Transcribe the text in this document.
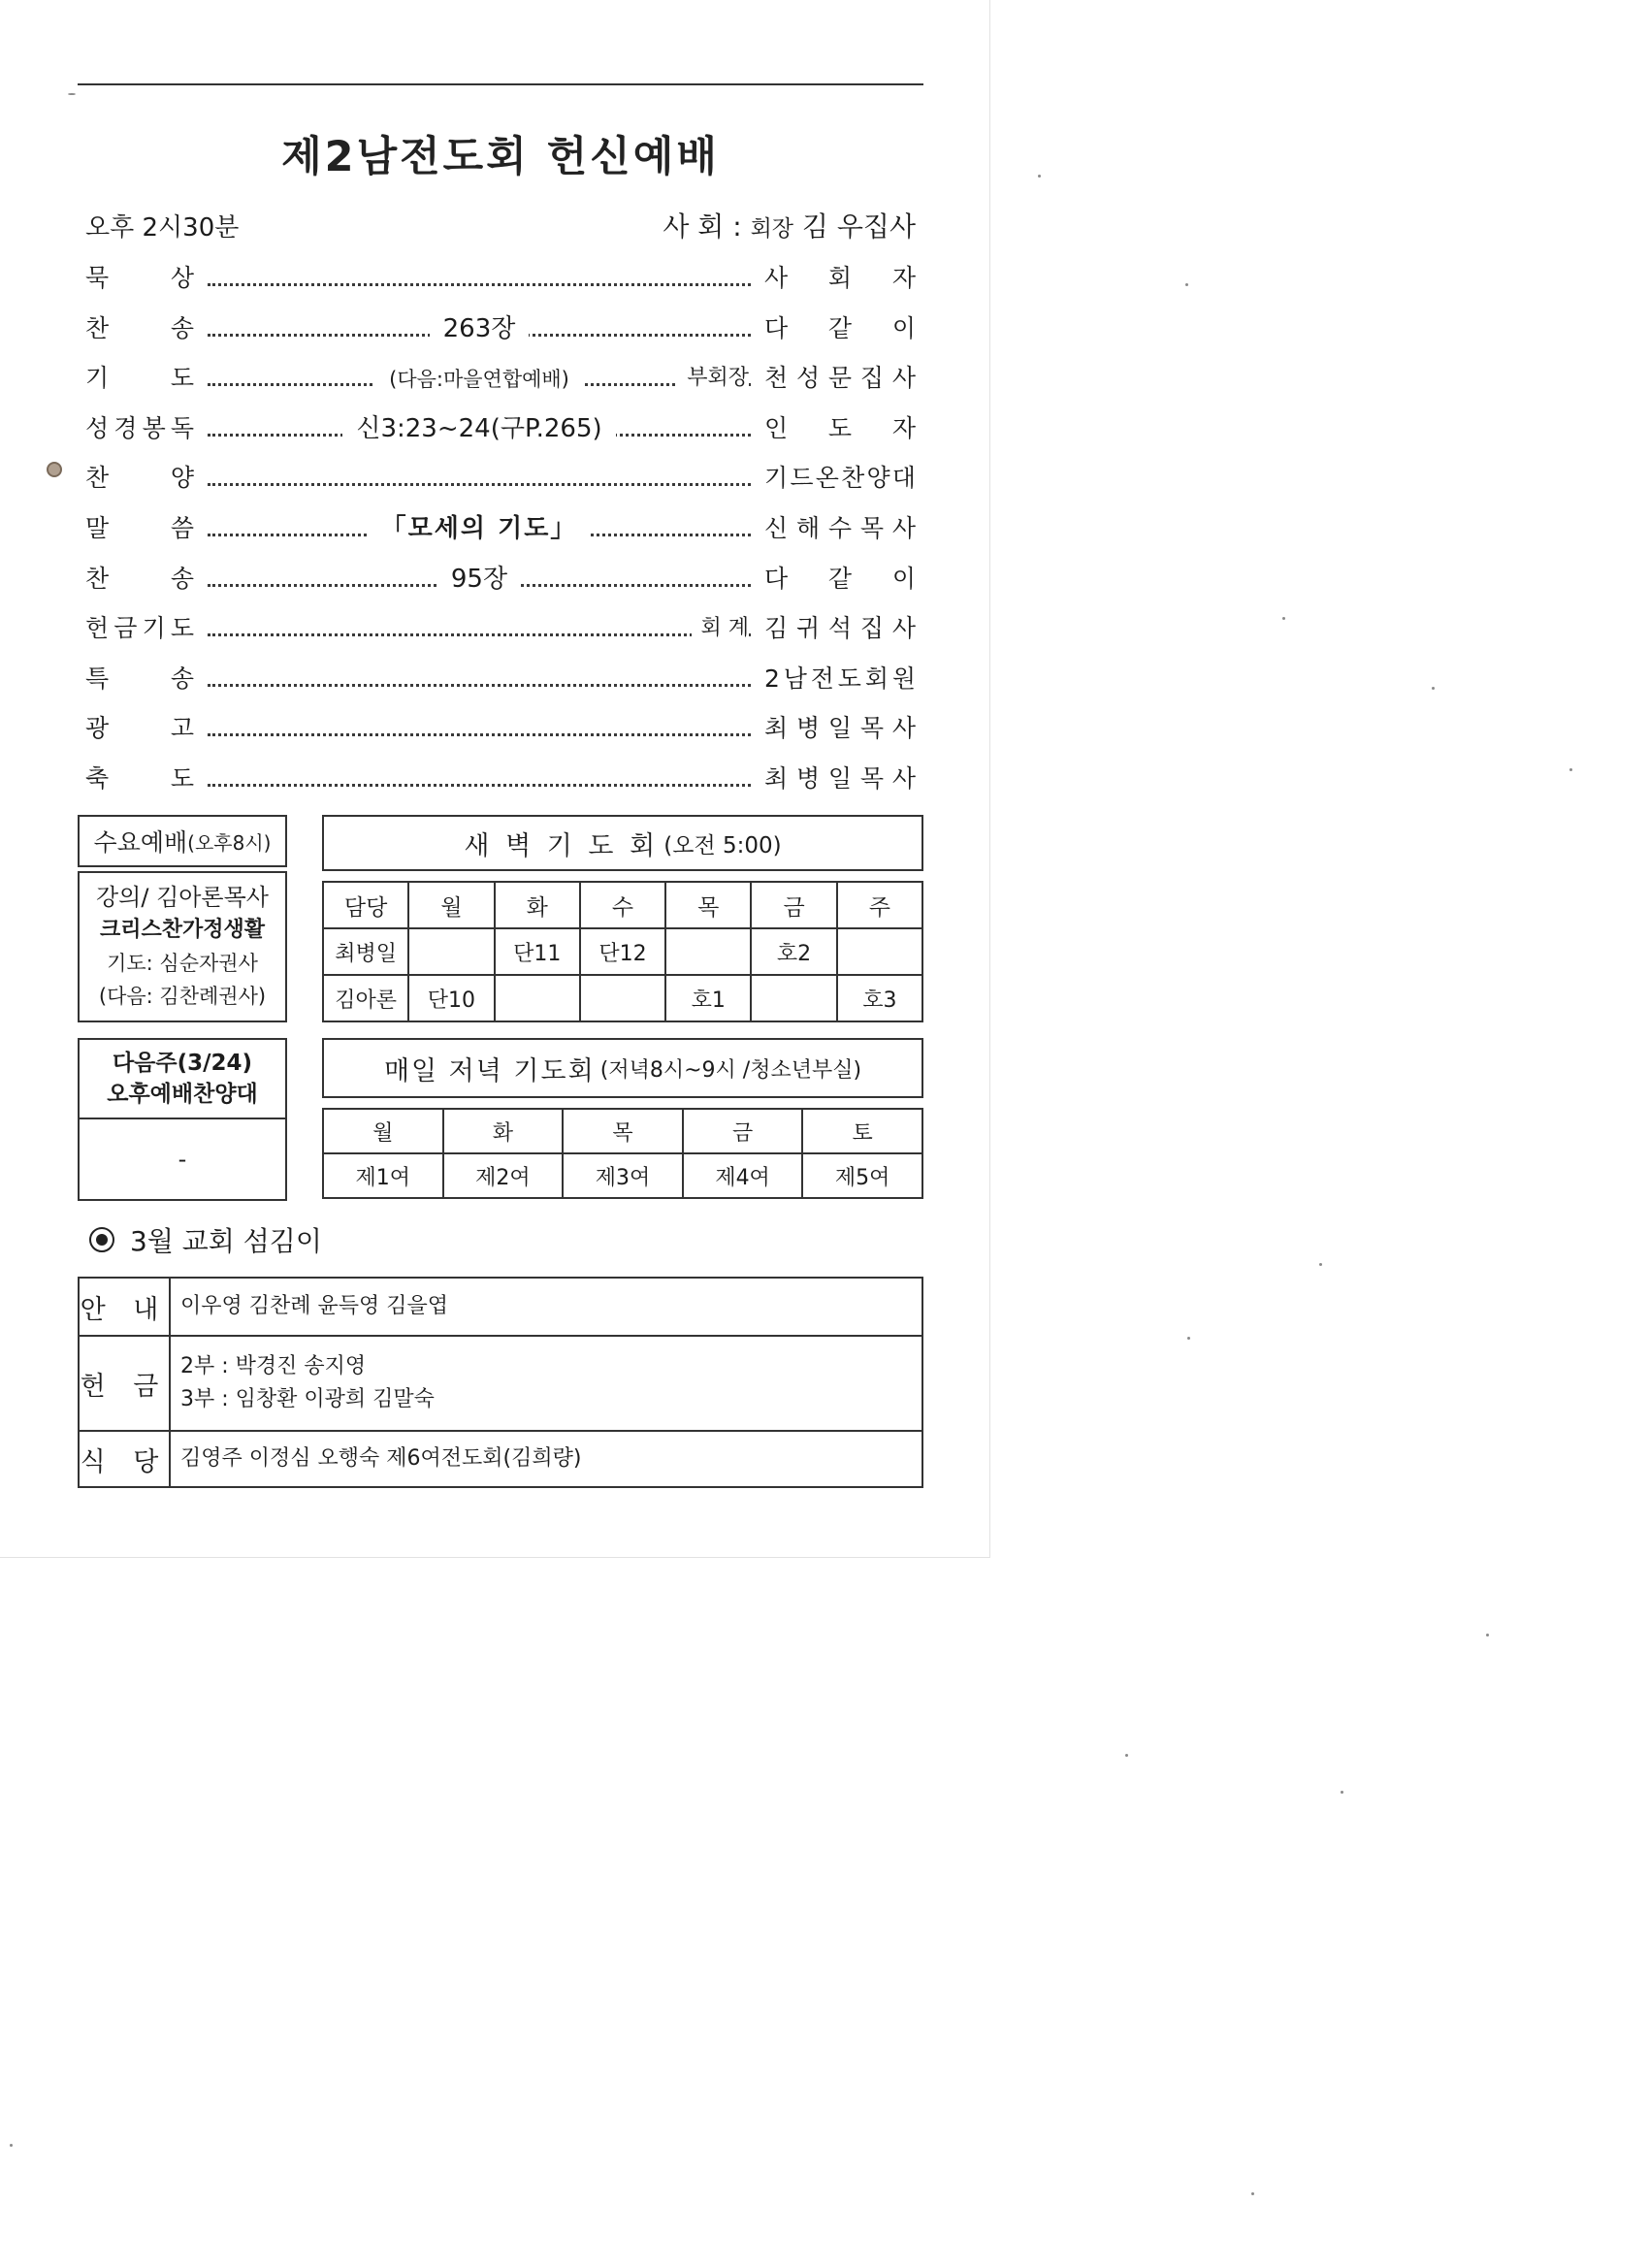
제2남전도회 헌신예배
오후 2시30분	사 회 : 회장 김 우집사
묵	상	사 회 자
찬	송	263장	다 같 이
기	도	(다음:마을연합예배)	부회장 천 성 문 집 사
성 경 봉 독	신3:23~24(구P.265)	인 도 자
찬	양	기 드 온 찬 양 대
말	씀	「모세의 기도」	신 해 수 목 사
찬	송	95장	다 같 이
헌 금 기 도	회 계 김 귀 석 집 사
특	송	2 남 전 도 회 원
광	고	최 병 일 목 사
축	도	최 병 일 목 사
수요예배 (오후8시)
강의/ 김아론목사
크리스찬가정생활
기도: 심순자권사
(다음: 김찬례권사)
새 벽 기 도 회
(오전 5:00)
담당	월	화	수	목	금	주
최병일		단11	단12		호2	
김아론	단10			호1		호3
다음주(3/24)
오후예배찬양대
-
매일 저녁 기도회
(저녁8시~9시 /청소년부실)
월	화	목	금	토
제1여	제2여	제3여	제4여	제5여
3월 교회 섬김이
안 내	이우영 김찬례 윤득영 김을엽

헌 금	2부 : 박경진 송지영
3부 : 임창환 이광희 김말숙

식 당	김영주 이정심 오행숙 제6여전도회(김희량)
